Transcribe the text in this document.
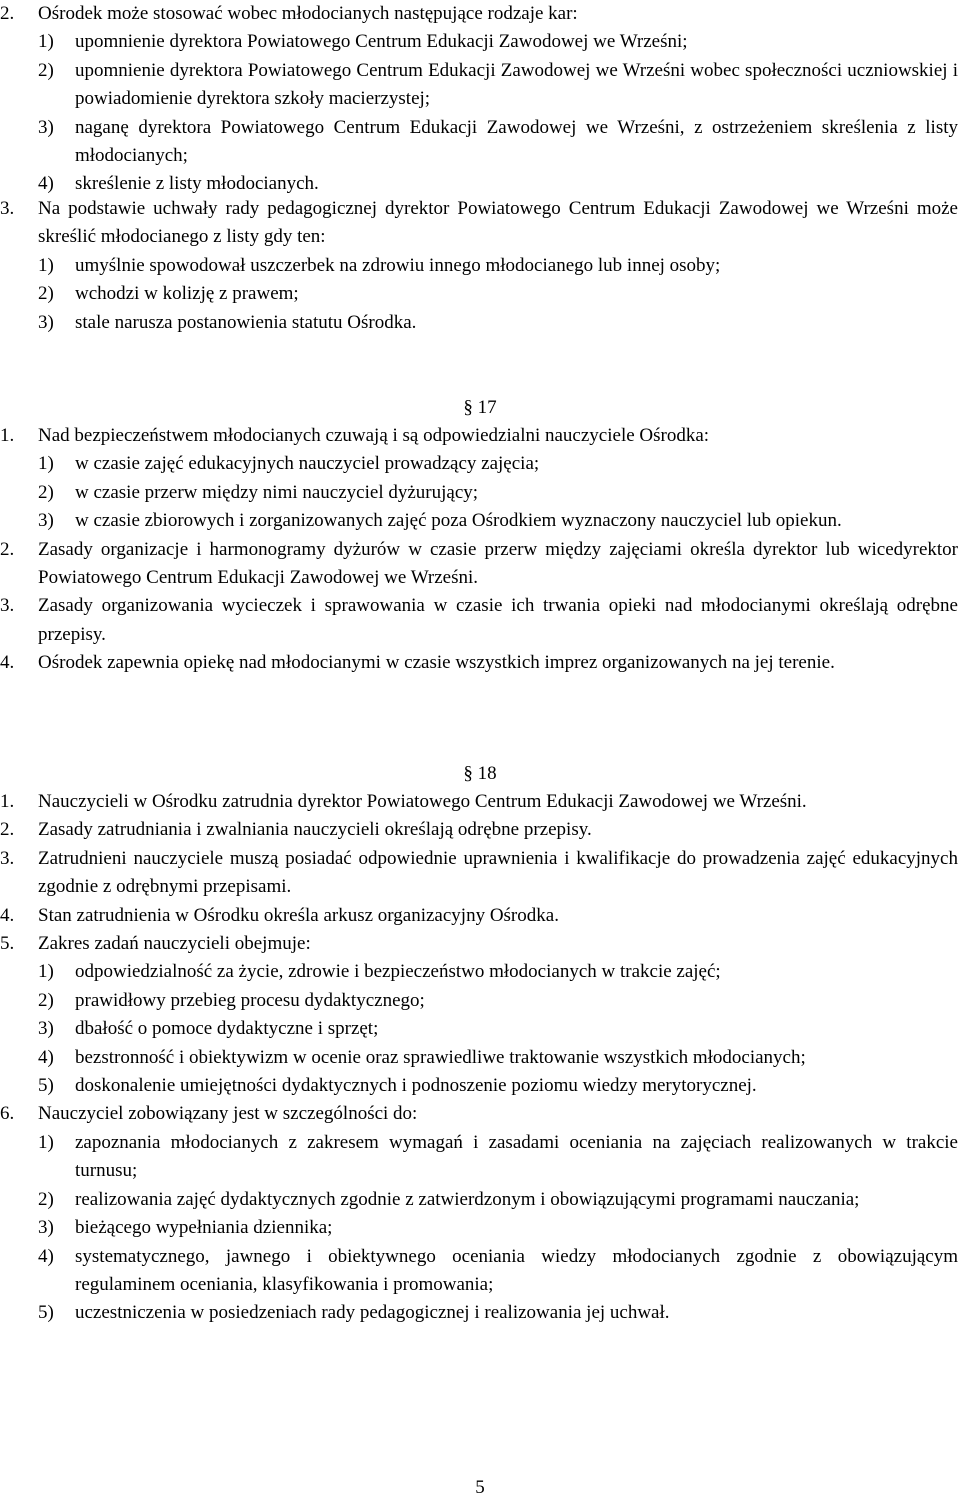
2.	Ośrodek może stosować wobec młodocianych następujące rodzaje kar:
1)	upomnienie dyrektora Powiatowego Centrum Edukacji Zawodowej we Wrześni;
2)	upomnienie dyrektora Powiatowego Centrum Edukacji Zawodowej we Wrześni wobec społeczności uczniowskiej i powiadomienie dyrektora szkoły macierzystej;
3)	naganę dyrektora Powiatowego Centrum Edukacji Zawodowej we Wrześni, z ostrzeżeniem skreślenia z listy młodocianych;
4)	skreślenie z listy młodocianych.
3.	Na podstawie uchwały rady pedagogicznej dyrektor Powiatowego Centrum Edukacji Zawodowej we Wrześni może skreślić młodocianego z listy gdy ten:
1)	umyślnie spowodował uszczerbek na zdrowiu innego młodocianego lub innej osoby;
2)	wchodzi w kolizję z prawem;
3)	stale narusza postanowienia statutu Ośrodka.
§ 17
1.	Nad bezpieczeństwem młodocianych czuwają i są odpowiedzialni nauczyciele Ośrodka:
1)	w czasie zajęć edukacyjnych nauczyciel prowadzący zajęcia;
2)	w czasie przerw między nimi nauczyciel dyżurujący;
3)	w czasie zbiorowych i zorganizowanych zajęć poza Ośrodkiem wyznaczony nauczyciel lub opiekun.
2.	Zasady organizacje i harmonogramy dyżurów w czasie przerw między zajęciami określa dyrektor lub wicedyrektor Powiatowego Centrum Edukacji Zawodowej we Wrześni.
3.	Zasady organizowania wycieczek i sprawowania w czasie ich trwania opieki nad młodocianymi określają odrębne przepisy.
4.	Ośrodek zapewnia opiekę nad młodocianymi w czasie wszystkich imprez organizowanych na jej terenie.
§ 18
1.	Nauczycieli w Ośrodku zatrudnia dyrektor Powiatowego Centrum Edukacji Zawodowej we Wrześni.
2.	Zasady zatrudniania i zwalniania nauczycieli określają odrębne przepisy.
3.	Zatrudnieni nauczyciele muszą posiadać odpowiednie uprawnienia i kwalifikacje do prowadzenia zajęć edukacyjnych zgodnie z odrębnymi przepisami.
4.	Stan zatrudnienia w Ośrodku określa arkusz organizacyjny Ośrodka.
5.	Zakres zadań nauczycieli obejmuje:
1)	odpowiedzialność za życie, zdrowie i bezpieczeństwo młodocianych w trakcie zajęć;
2)	prawidłowy przebieg procesu dydaktycznego;
3)	dbałość o pomoce dydaktyczne i sprzęt;
4)	bezstronność i obiektywizm w ocenie oraz sprawiedliwe traktowanie wszystkich młodocianych;
5)	doskonalenie umiejętności dydaktycznych i podnoszenie poziomu wiedzy merytorycznej.
6.	Nauczyciel zobowiązany jest w szczególności do:
1)	zapoznania młodocianych z zakresem wymagań i zasadami oceniania na zajęciach realizowanych w trakcie turnusu;
2)	realizowania zajęć dydaktycznych zgodnie z zatwierdzonym i obowiązującymi programami nauczania;
3)	bieżącego wypełniania dziennika;
4)	systematycznego, jawnego i obiektywnego oceniania wiedzy młodocianych zgodnie z obowiązującym regulaminem oceniania, klasyfikowania i promowania;
5)	uczestniczenia w posiedzeniach rady pedagogicznej i realizowania jej uchwał.
5
